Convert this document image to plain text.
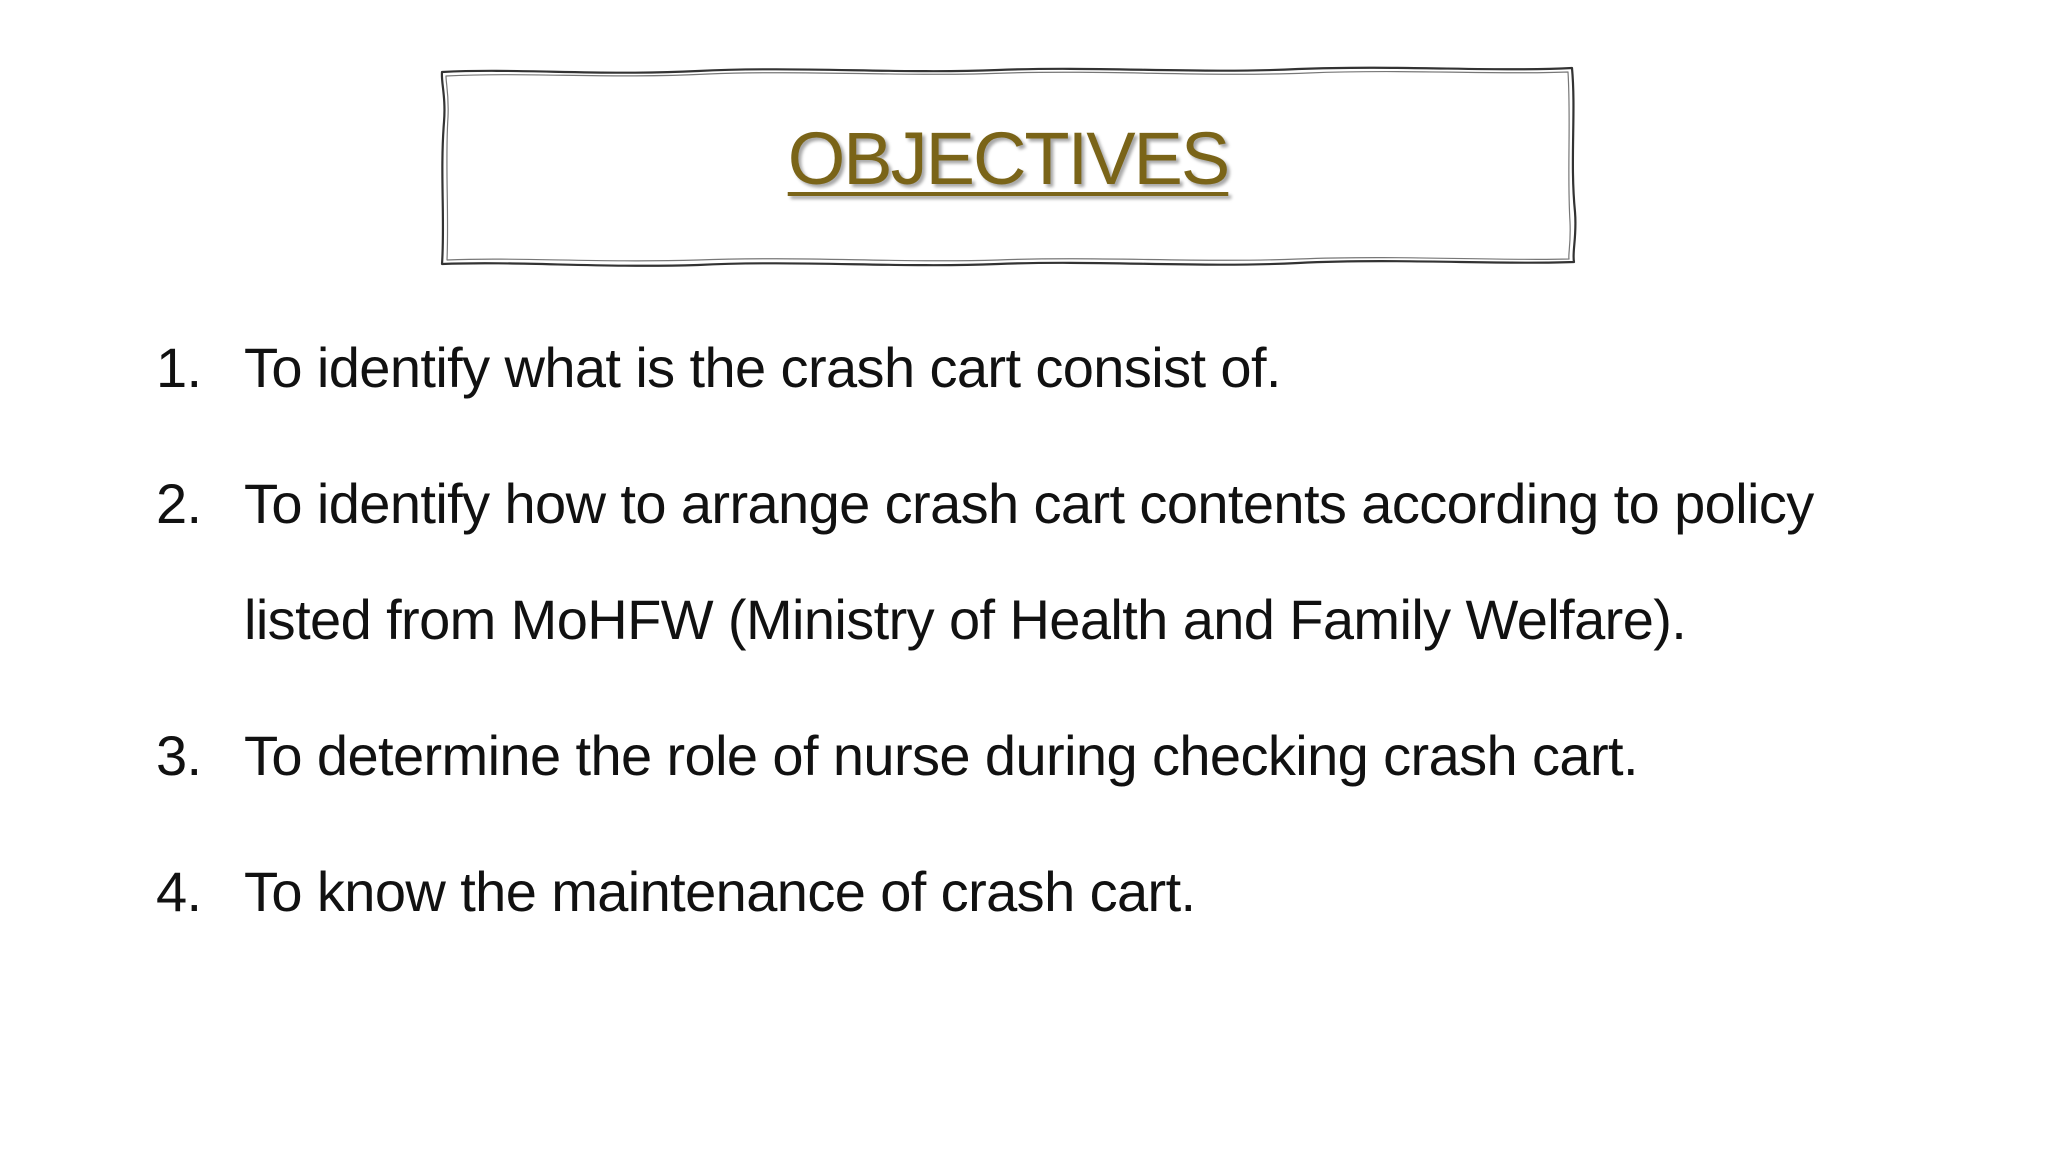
OBJECTIVES
1. To identify what is the crash cart consist of.
2. To identify how to arrange crash cart contents according to policy listed from MoHFW (Ministry of Health and Family Welfare).
3. To determine the role of nurse during checking crash cart.
4. To know the maintenance of crash cart.
